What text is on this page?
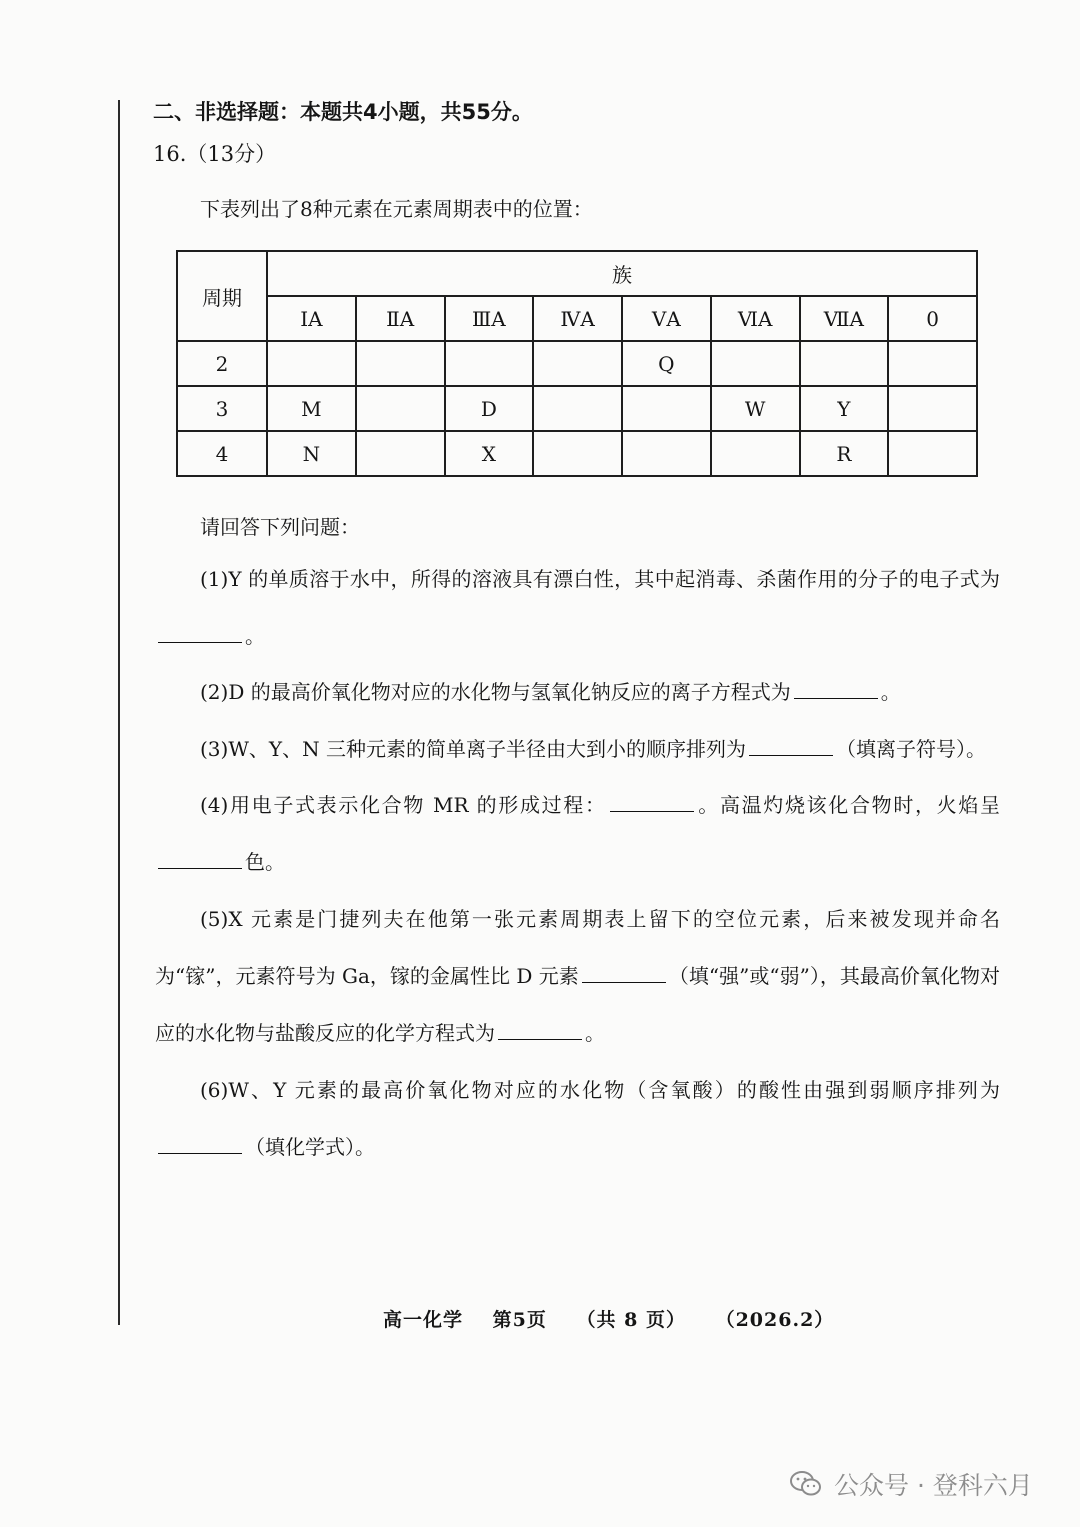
二、非选择题：本题共4小题，共55分。
16.（13分）
下表列出了8种元素在元素周期表中的位置：
周期	族							
	ⅠA	ⅡA	ⅢA	ⅣA	ⅤA	ⅥA	ⅦA	0
2					Q			
3	M		D			W	Y	
4	N		X				R	
请回答下列问题：
(1)Y 的单质溶于水中，所得的溶液具有漂白性，其中起消毒、杀菌作用的分子的电子式为。
(2)D 的最高价氧化物对应的水化物与氢氧化钠反应的离子方程式为	。
(3)W、Y、N 三种元素的简单离子半径由大到小的顺序排列为	（填离子符号）。
(4)用电子式表示化合物 MR 的形成过程：	。高温灼烧该化合物时，火焰呈色。
(5)X 元素是门捷列夫在他第一张元素周期表上留下的空位元素，后来被发现并命名为“镓”，元素符号为 Ga，镓的金属性比 D 元素	（填“强”或“弱”），其最高价氧化物对应的水化物与盐酸反应的化学方程式为	。
(6)W、Y 元素的最高价氧化物对应的水化物（含氧酸）的酸性由强到弱顺序排列为（填化学式）。
高一化学 第5页 （共 8 页） （2026.2）
公众号 · 登科六月
